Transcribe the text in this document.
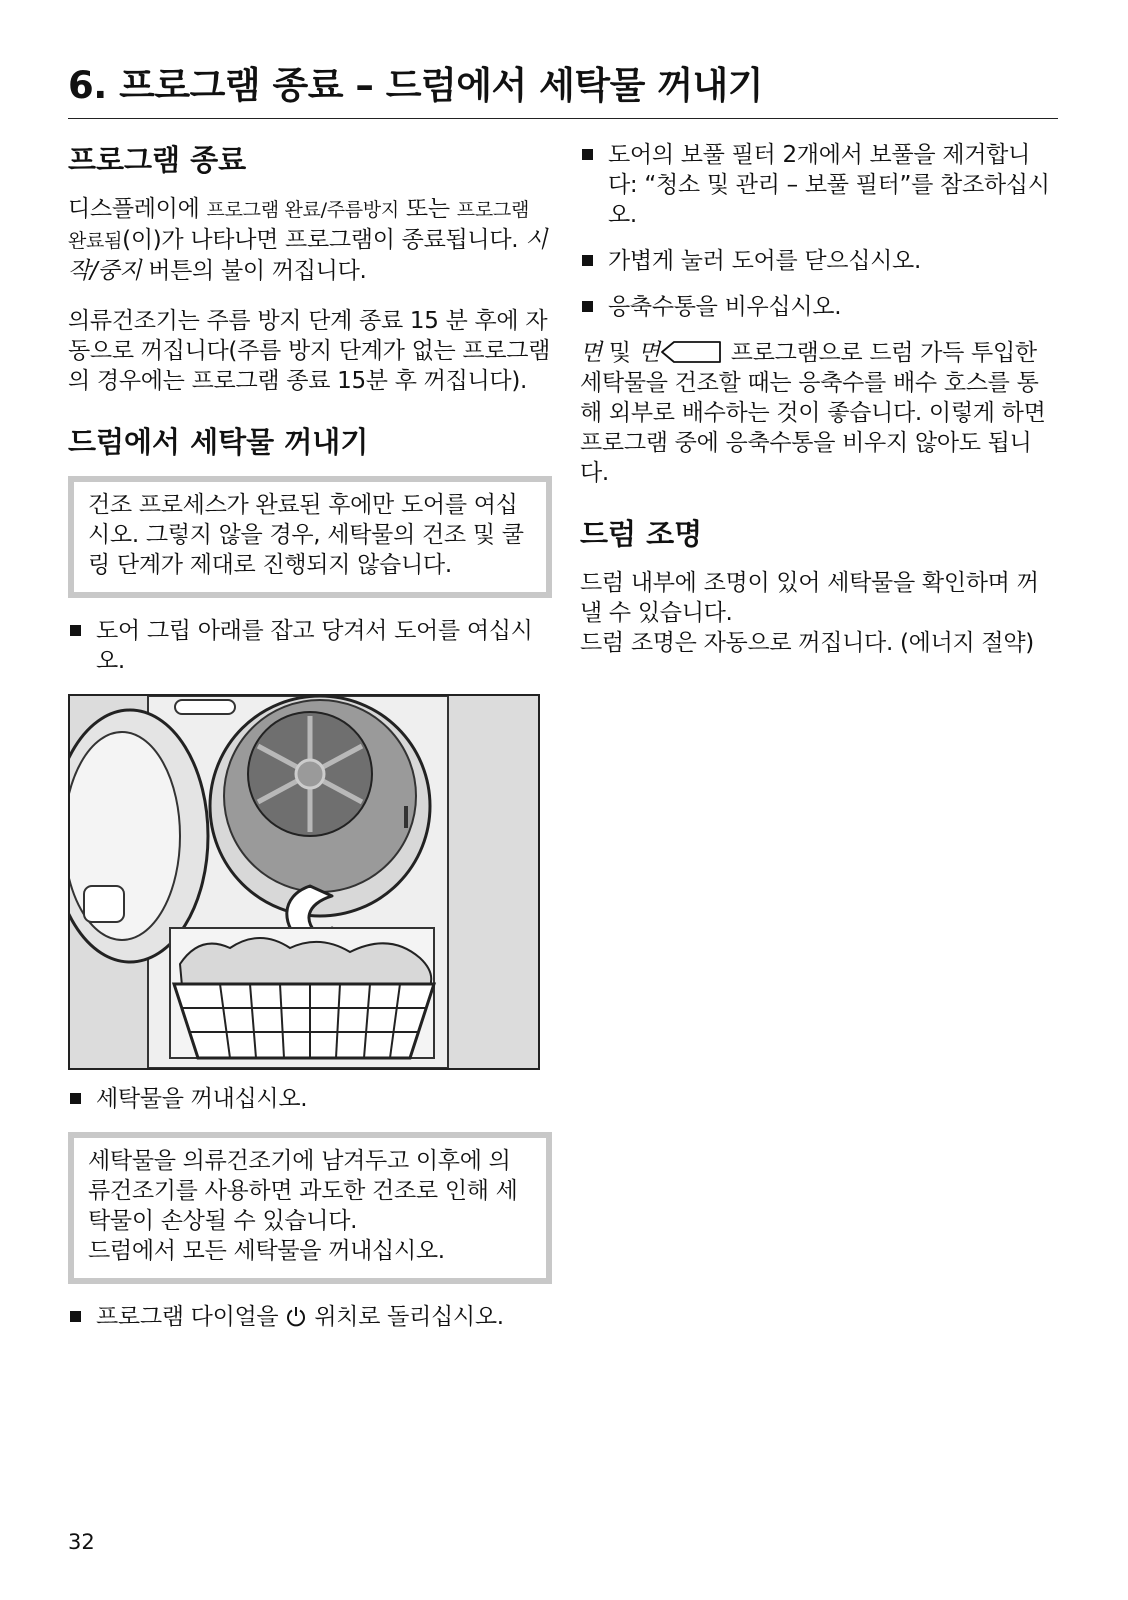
6. 프로그램 종료 – 드럼에서 세탁물 꺼내기
프로그램 종료

디스플레이에 프로그램 완료/주름방지 또는 프로그램 완료됨(이)가 나타나면 프로그램이 종료됩니다. 시작/중지 버튼의 불이 꺼집니다.

의류건조기는 주름 방지 단계 종료 15 분 후에 자동으로 꺼집니다(주름 방지 단계가 없는 프로그램의 경우에는 프로그램 종료 15분 후 꺼집니다).

드럼에서 세탁물 꺼내기

건조 프로세스가 완료된 후에만 도어를 여십시오. 그렇지 않을 경우, 세탁물의 건조 및 쿨링 단계가 제대로 진행되지 않습니다.

도어 그립 아래를 잡고 당겨서 도어를 여십시오.
세탁물을 꺼내십시오.

세탁물을 의류건조기에 남겨두고 이후에 의류건조기를 사용하면 과도한 건조로 인해 세탁물이 손상될 수 있습니다.

드럼에서 모든 세탁물을 꺼내십시오.

프로그램 다이얼을  위치로 돌리십시오.
도어의 보풀 필터 2개에서 보풀을 제거합니다: “청소 및 관리 – 보풀 필터”를 참조하십시오.
가볍게 눌러 도어를 닫으십시오.
응축수통을 비우십시오.

면 및 면	프로그램으로 드럼 가득 투입한 세탁물을 건조할 때는 응축수를 배수 호스를 통해 외부로 배수하는 것이 좋습니다. 이렇게 하면 프로그램 중에 응축수통을 비우지 않아도 됩니다.

드럼 조명

드럼 내부에 조명이 있어 세탁물을 확인하며 꺼낼 수 있습니다.

드럼 조명은 자동으로 꺼집니다. (에너지 절약)

32
